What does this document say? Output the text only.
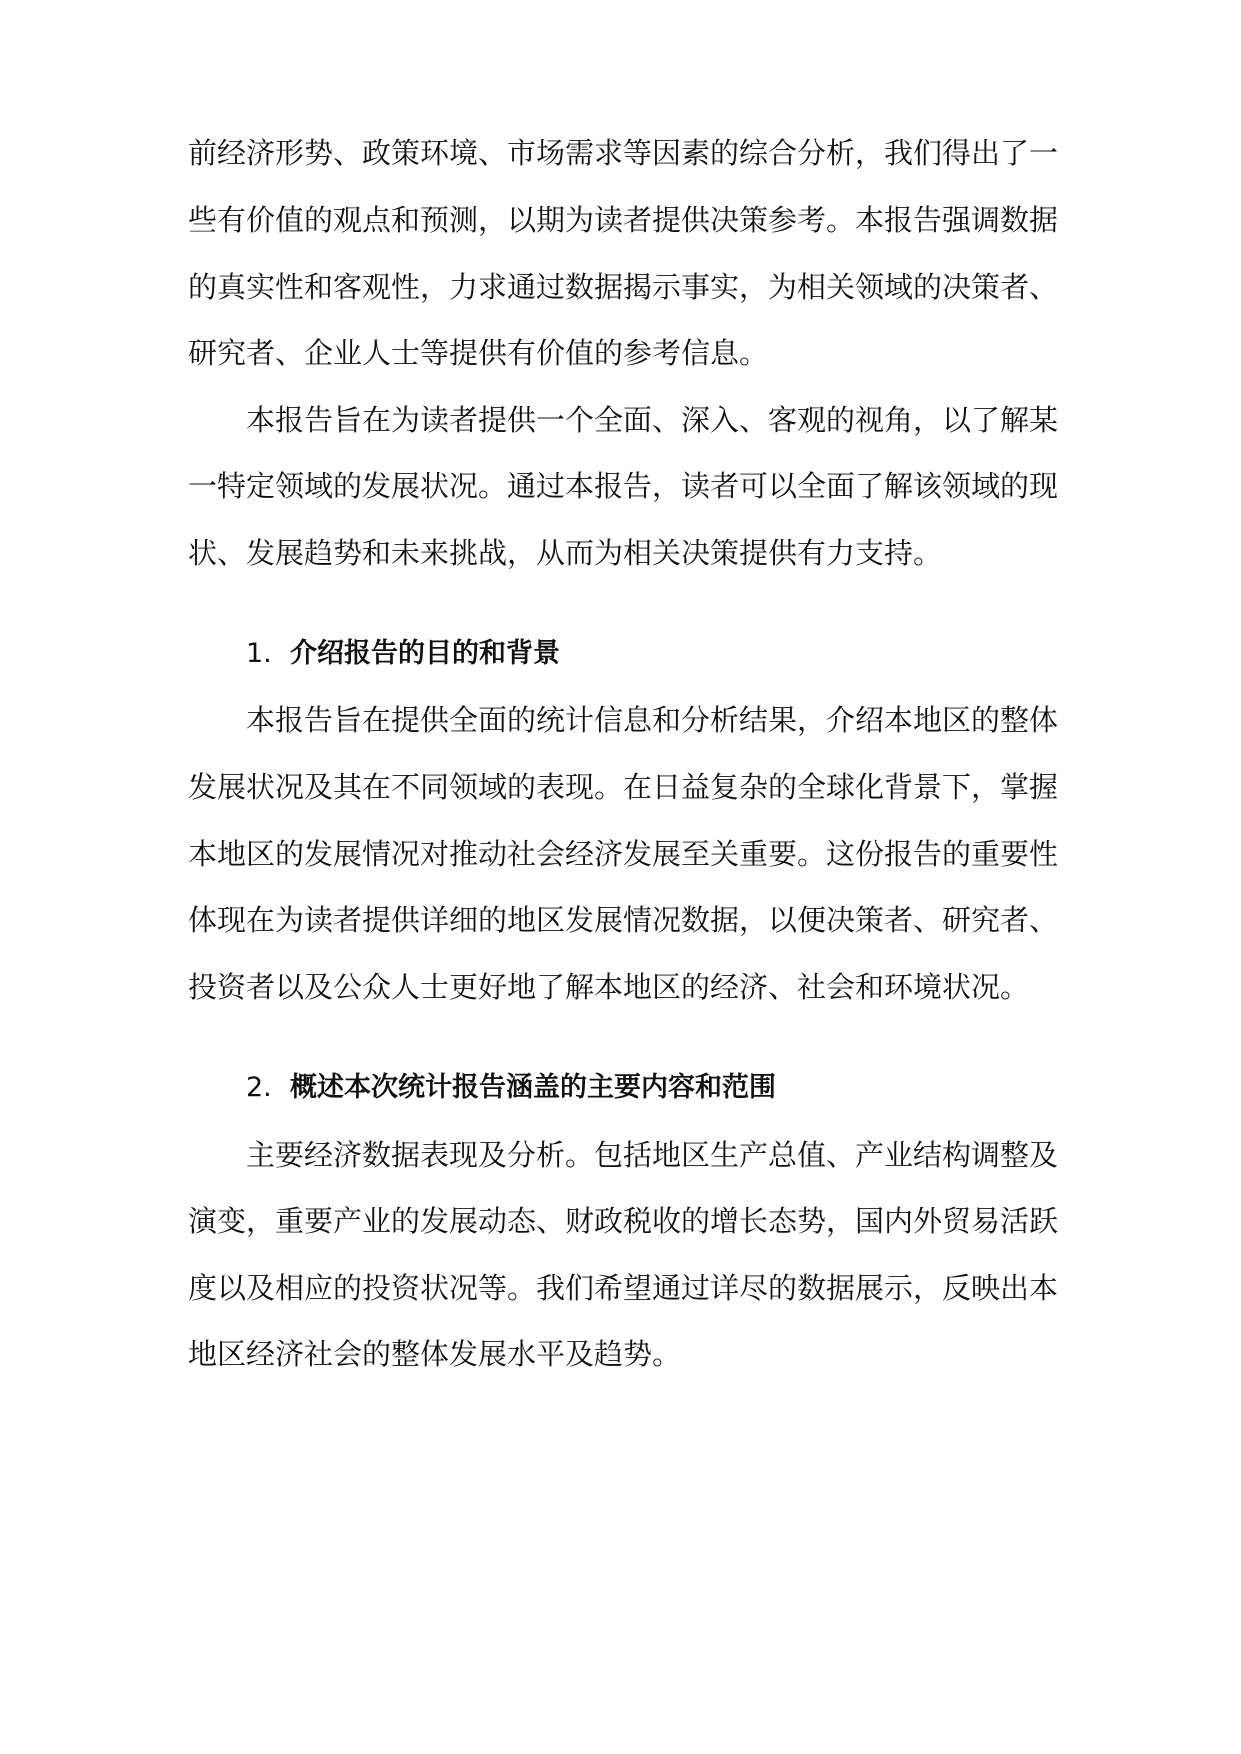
前经济形势、政策环境、市场需求等因素的综合分析，我们得出了一
些有价值的观点和预测，以期为读者提供决策参考。本报告强调数据
的真实性和客观性，力求通过数据揭示事实，为相关领域的决策者、
研究者、企业人士等提供有价值的参考信息。
本报告旨在为读者提供一个全面、深入、客观的视角，以了解某
一特定领域的发展状况。通过本报告，读者可以全面了解该领域的现
状、发展趋势和未来挑战，从而为相关决策提供有力支持。
1. 介绍报告的目的和背景
本报告旨在提供全面的统计信息和分析结果，介绍本地区的整体
发展状况及其在不同领域的表现。在日益复杂的全球化背景下，掌握
本地区的发展情况对推动社会经济发展至关重要。这份报告的重要性
体现在为读者提供详细的地区发展情况数据，以便决策者、研究者、
投资者以及公众人士更好地了解本地区的经济、社会和环境状况。
2. 概述本次统计报告涵盖的主要内容和范围
主要经济数据表现及分析。包括地区生产总值、产业结构调整及
演变，重要产业的发展动态、财政税收的增长态势，国内外贸易活跃
度以及相应的投资状况等。我们希望通过详尽的数据展示，反映出本
地区经济社会的整体发展水平及趋势。
